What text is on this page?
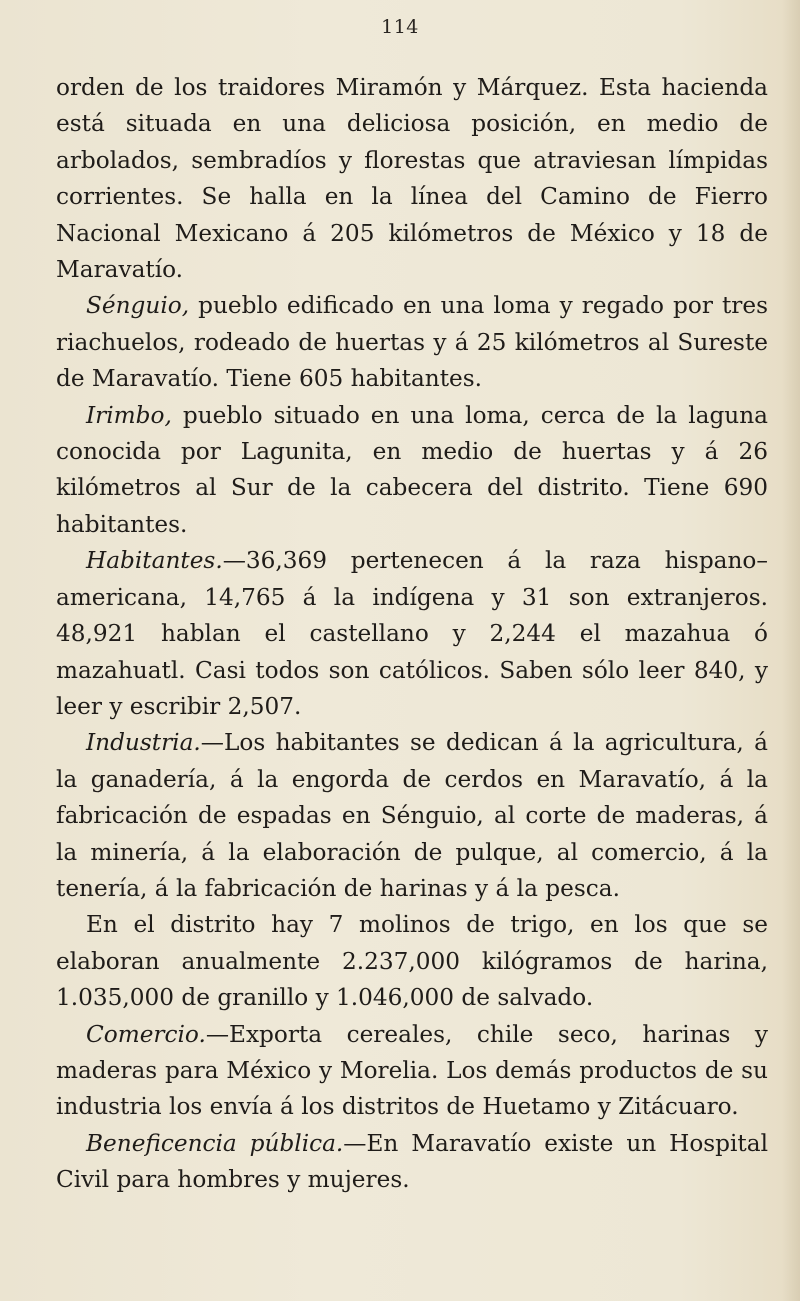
114

orden de los traidores Miramón y Márquez. Esta hacienda está situada en una deliciosa posición, en medio de arbolados, sembradíos y florestas que atraviesan límpidas corrientes. Se halla en la línea del Camino de Fierro Nacional Mexicano á 205 kilómetros de México y 18 de Maravatío.

Sénguio, pueblo edificado en una loma y regado por tres riachuelos, rodeado de huertas y á 25 kilómetros al Sureste de Maravatío. Tiene 605 habitantes.

Irimbo, pueblo situado en una loma, cerca de la laguna conocida por Lagunita, en medio de huertas y á 26 kilómetros al Sur de la cabecera del distrito. Tiene 690 habitantes.

Habitantes.—36,369 pertenecen á la raza hispano–americana, 14,765 á la indígena y 31 son extranjeros. 48,921 hablan el castellano y 2,244 el mazahua ó mazahuatl. Casi todos son católicos. Saben sólo leer 840, y leer y escribir 2,507.

Industria.—Los habitantes se dedican á la agricultura, á la ganadería, á la engorda de cerdos en Maravatío, á la fabricación de espadas en Sénguio, al corte de maderas, á la minería, á la elaboración de pulque, al comercio, á la tenería, á la fabricación de harinas y á la pesca.

En el distrito hay 7 molinos de trigo, en los que se elaboran anualmente 2.237,000 kilógramos de harina, 1.035,000 de granillo y 1.046,000 de salvado.

Comercio.—Exporta cereales, chile seco, harinas y maderas para México y Morelia. Los demás productos de su industria los envía á los distritos de Huetamo y Zitácuaro.

Beneficencia pública.—En Maravatío existe un Hospital Civil para hombres y mujeres.
